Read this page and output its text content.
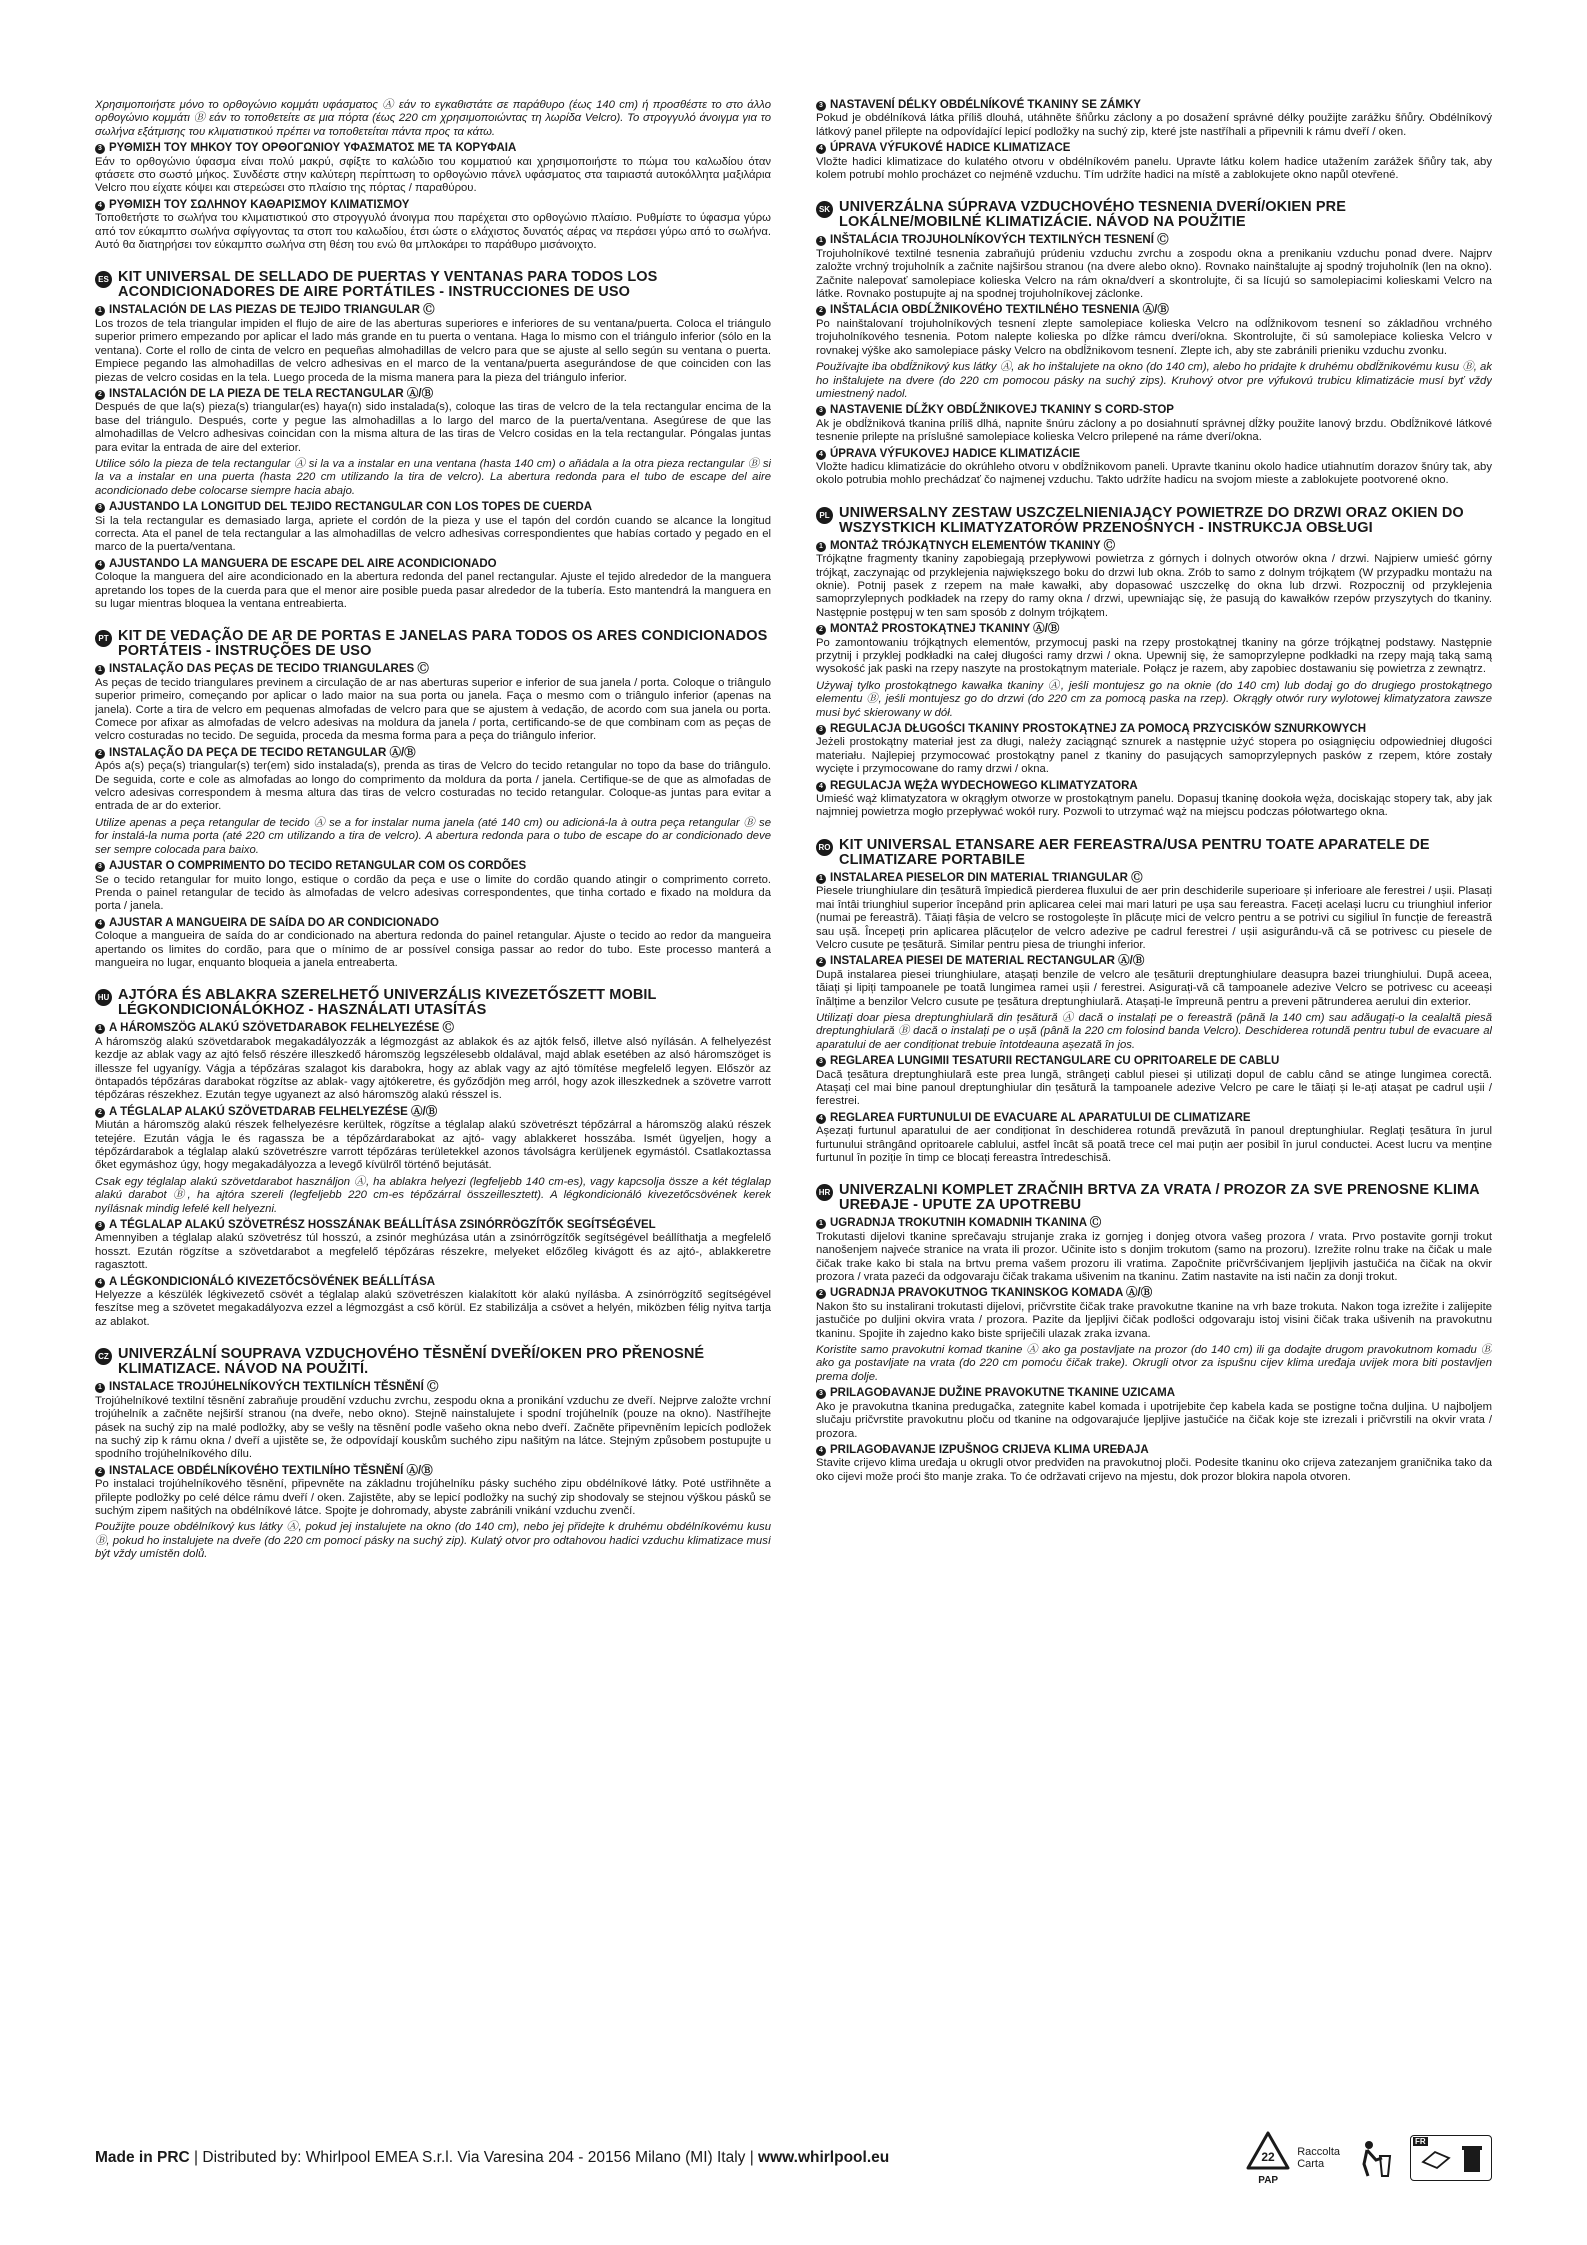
Χρησιμοποιήστε μόνο το ορθογώνιο κομμάτι υφάσματος Ⓐ εάν το εγκαθιστάτε σε παράθυρο (έως 140 cm) ή προσθέστε το στο άλλο ορθογώνιο κομμάτι Ⓑ εάν το τοποθετείτε σε μια πόρτα (έως 220 cm χρησιμοποιώντας τη λωρίδα Velcro). Το στρογγυλό άνοιγμα για το σωλήνα εξάτμισης του κλιματιστικού πρέπει να τοποθετείται πάντα προς τα κάτω.
3 ΡΥΘΜΙΣΗ ΤΟΥ ΜΗΚΟΥ ΤΟΥ ΟΡΘΟΓΩΝΙΟΥ ΥΦΑΣΜΑΤΟΣ ΜΕ ΤΑ ΚΟΡΥΦΑΙΑ
Εάν το ορθογώνιο ύφασμα είναι πολύ μακρύ, σφίξτε το καλώδιο του κομματιού και χρησιμοποιήστε το πώμα του καλωδίου όταν φτάσετε στο σωστό μήκος. Συνδέστε στην καλύτερη περίπτωση το ορθογώνιο πάνελ υφάσματος στα ταιριαστά αυτοκόλλητα μαξιλάρια Velcro που είχατε κόψει και στερεώσει στο πλαίσιο της πόρτας / παραθύρου.
4 ΡΥΘΜΙΣΗ ΤΟΥ ΣΩΛΗΝΟΥ ΚΑΘΑΡΙΣΜΟΥ ΚΛΙΜΑΤΙΣΜΟΥ
Τοποθετήστε το σωλήνα του κλιματιστικού στο στρογγυλό άνοιγμα που παρέχεται στο ορθογώνιο πλαίσιο. Ρυθμίστε το ύφασμα γύρω από τον εύκαμπτο σωλήνα σφίγγοντας τα στοπ του καλωδίου, έτσι ώστε ο ελάχιστος δυνατός αέρας να περάσει γύρω από το σωλήνα. Αυτό θα διατηρήσει τον εύκαμπτο σωλήνα στη θέση του ενώ θα μπλοκάρει το παράθυρο μισάνοιχτο.
ES KIT UNIVERSAL DE SELLADO DE PUERTAS Y VENTANAS PARA TODOS LOS ACONDICIONADORES DE AIRE PORTÁTILES - INSTRUCCIONES DE USO
1 INSTALACIÓN DE LAS PIEZAS DE TEJIDO TRIANGULAR Ⓒ
Los trozos de tela triangular impiden el flujo de aire de las aberturas superiores e inferiores de su ventana/puerta. Coloca el triángulo superior primero empezando por aplicar el lado más grande en tu puerta o ventana. Haga lo mismo con el triángulo inferior (sólo en la ventana). Corte el rollo de cinta de velcro en pequeñas almohadillas de velcro para que se ajuste al sello según su ventana o puerta. Empiece pegando las almohadillas de velcro adhesivas en el marco de la ventana/puerta asegurándose de que coinciden con las piezas de velcro cosidas en la tela. Luego proceda de la misma manera para la pieza del triángulo inferior.
2 INSTALACIÓN DE LA PIEZA DE TELA RECTANGULAR Ⓐ/Ⓑ
Después de que la(s) pieza(s) triangular(es) haya(n) sido instalada(s), coloque las tiras de velcro de la tela rectangular encima de la base del triángulo. Después, corte y pegue las almohadillas a lo largo del marco de la puerta/ventana. Asegúrese de que las almohadillas de Velcro adhesivas coincidan con la misma altura de las tiras de Velcro cosidas en la tela rectangular. Póngalas juntas para evitar la entrada de aire del exterior.
Utilice sólo la pieza de tela rectangular Ⓐ si la va a instalar en una ventana (hasta 140 cm) o añádala a la otra pieza rectangular Ⓑ si la va a instalar en una puerta (hasta 220 cm utilizando la tira de velcro). La abertura redonda para el tubo de escape del aire acondicionado debe colocarse siempre hacia abajo.
3 AJUSTANDO LA LONGITUD DEL TEJIDO RECTANGULAR CON LOS TOPES DE CUERDA
Si la tela rectangular es demasiado larga, apriete el cordón de la pieza y use el tapón del cordón cuando se alcance la longitud correcta. Ata el panel de tela rectangular a las almohadillas de velcro adhesivas correspondientes que habías cortado y pegado en el marco de la puerta/ventana.
4 AJUSTANDO LA MANGUERA DE ESCAPE DEL AIRE ACONDICIONADO
Coloque la manguera del aire acondicionado en la abertura redonda del panel rectangular. Ajuste el tejido alrededor de la manguera apretando los topes de la cuerda para que el menor aire posible pueda pasar alrededor de la tubería. Esto mantendrá la manguera en su lugar mientras bloquea la ventana entreabierta.
PT KIT DE VEDAÇÃO DE AR DE PORTAS E JANELAS PARA TODOS OS ARES CONDICIONADOS PORTÁTEIS - INSTRUÇÕES DE USO
1 INSTALAÇÃO DAS PEÇAS DE TECIDO TRIANGULARES Ⓒ
As peças de tecido triangulares previnem a circulação de ar nas aberturas superior e inferior de sua janela / porta. Coloque o triângulo superior primeiro, começando por aplicar o lado maior na sua porta ou janela. Faça o mesmo com o triângulo inferior (apenas na janela). Corte a tira de velcro em pequenas almofadas de velcro para que se ajustem à vedação, de acordo com sua janela ou porta. Comece por afixar as almofadas de velcro adesivas na moldura da janela / porta, certificando-se de que combinam com as peças de velcro costuradas no tecido. De seguida, proceda da mesma forma para a peça do triângulo inferior.
2 INSTALAÇÃO DA PEÇA DE TECIDO RETANGULAR Ⓐ/Ⓑ
Após a(s) peça(s) triangular(s) ter(em) sido instalada(s), prenda as tiras de Velcro do tecido retangular no topo da base do triângulo. De seguida, corte e cole as almofadas ao longo do comprimento da moldura da porta / janela. Certifique-se de que as almofadas de velcro adesivas correspondem à mesma altura das tiras de velcro costuradas no tecido retangular. Coloque-as juntas para evitar a entrada de ar do exterior.
Utilize apenas a peça retangular de tecido Ⓐ se a for instalar numa janela (até 140 cm) ou adicioná-la à outra peça retangular Ⓑ se for instalá-la numa porta (até 220 cm utilizando a tira de velcro). A abertura redonda para o tubo de escape do ar condicionado deve ser sempre colocada para baixo.
3 AJUSTAR O COMPRIMENTO DO TECIDO RETANGULAR COM OS CORDÕES
Se o tecido retangular for muito longo, estique o cordão da peça e use o limite do cordão quando atingir o comprimento correto. Prenda o painel retangular de tecido às almofadas de velcro adesivas correspondentes, que tinha cortado e fixado na moldura da porta / janela.
4 AJUSTAR A MANGUEIRA DE SAÍDA DO AR CONDICIONADO
Coloque a mangueira de saída do ar condicionado na abertura redonda do painel retangular. Ajuste o tecido ao redor da mangueira apertando os limites do cordão, para que o mínimo de ar possível consiga passar ao redor do tubo. Este processo manterá a mangueira no lugar, enquanto bloqueia a janela entreaberta.
HU AJTÓRA ÉS ABLAKRA SZERELHETŐ UNIVERZÁLIS KIVEZETŐSZETT MOBIL LÉGKONDICIONÁLÓKHOZ - HASZNÁLATI UTASÍTÁS
1 A HÁROMSZÖG ALAKÚ SZÖVETDARABOK FELHELYEZÉSE Ⓒ
A háromszög alakú szövetdarabok megakadályozzák a légmozgást az ablakok és az ajtók felső, illetve alsó nyílásán. A felhelyezést kezdje az ablak vagy az ajtó felső részére illeszkedő háromszög legszélesebb oldalával, majd ablak esetében az alsó háromszöget is illessze fel ugyanígy. Vágja a tépőzáras szalagot kis darabokra, hogy az ablak vagy az ajtó tömítése megfelelő legyen. Először az öntapadós tépőzáras darabokat rögzítse az ablak- vagy ajtókeretre, és győződjön meg arról, hogy azok illeszkednek a szövetre varrott tépőzáras részekhez. Ezután tegye ugyanezt az alsó háromszög alakú résszel is.
2 A TÉGLALAP ALAKÚ SZÖVETDARAB FELHELYEZÉSE Ⓐ/Ⓑ
Miután a háromszög alakú részek felhelyezésre kerültek, rögzítse a téglalap alakú szövetrészt tépőzárral a háromszög alakú részek tetejére. Ezután vágja le és ragassza be a tépőzárdarabokat az ajtó- vagy ablakkeret hosszába. Ismét ügyeljen, hogy a tépőzárdarabok a téglalap alakú szövetrészre varrott tépőzáras területekkel azonos távolságra kerüljenek egymástól. Csatlakoztassa őket egymáshoz úgy, hogy megakadályozza a levegő kívülről történő bejutását.
Csak egy téglalap alakú szövetdarabot használjon Ⓐ, ha ablakra helyezi (legfeljebb 140 cm-es), vagy kapcsolja össze a két téglalap alakú darabot Ⓑ, ha ajtóra szereli (legfeljebb 220 cm-es tépőzárral összeillesztett). A légkondicionáló kivezetőcsövének kerek nyílásnak mindig lefelé kell helyezni.
3 A TÉGLALAP ALAKÚ SZÖVETRÉSZ HOSSZÁNAK BEÁLLÍTÁSA ZSINÓRRÖGZÍTŐK SEGÍTSÉGÉVEL
Amennyiben a téglalap alakú szövetrész túl hosszú, a zsinór meghúzása után a zsinórrögzítők segítségével beállíthatja a megfelelő hosszt. Ezután rögzítse a szövetdarabot a megfelelő tépőzáras részekre, melyeket előzőleg kivágott és az ajtó-, ablakkeretre ragasztott.
4 A LÉGKONDICIONÁLÓ KIVEZETŐCSÖVÉNEK BEÁLLÍTÁSA
Helyezze a készülék légkivezető csövét a téglalap alakú szövetrészen kialakított kör alakú nyílásba. A zsinórrögzítő segítségével feszítse meg a szövetet megakadályozva ezzel a légmozgást a cső körül. Ez stabilizálja a csövet a helyén, miközben félig nyitva tartja az ablakot.
CZ UNIVERZÁLNÍ SOUPRAVA VZDUCHOVÉHO TĚSNĚNÍ DVEŘÍ/OKEN PRO PŘENOSNÉ KLIMATIZACE. NÁVOD NA POUŽITÍ.
1 INSTALACE TROJÚHELNÍKOVÝCH TEXTILNÍCH TĚSNĚNÍ Ⓒ
Trojúhelníkové textilní těsnění zabraňuje proudění vzduchu zvrchu, zespodu okna a pronikání vzduchu ze dveří. Nejprve založte vrchní trojúhelník a začněte nejširší stranou (na dveře, nebo okno). Stejně nainstalujete i spodní trojúhelník (pouze na okno). Nastříhejte pásek na suchý zip na malé podložky, aby se vešly na těsnění podle vašeho okna nebo dveří. Začněte připevněním lepicích podložek na suchý zip k rámu okna / dveří a ujistěte se, že odpovídají kouskům suchého zipu našitým na látce. Stejným způsobem postupujte u spodního trojúhelníkového dílu.
2 INSTALACE OBDÉLNÍKOVÉHO TEXTILNÍHO TĚSNĚNÍ Ⓐ/Ⓑ
Po instalaci trojúhelníkového těsnění, připevněte na základnu trojúhelníku pásky suchého zipu obdélníkové látky. Poté ustřihněte a přilepte podložky po celé délce rámu dveří / oken. Zajistěte, aby se lepicí podložky na suchý zip shodovaly se stejnou výškou pásků se suchým zipem našitých na obdélníkové látce. Spojte je dohromady, abyste zabránili vnikání vzduchu zvenčí.
Použijte pouze obdélníkový kus látky Ⓐ, pokud jej instalujete na okno (do 140 cm), nebo jej přidejte k druhému obdélníkovému kusu Ⓑ, pokud ho instalujete na dveře (do 220 cm pomocí pásky na suchý zip). Kulatý otvor pro odtahovou hadici vzduchu klimatizace musí být vždy umístěn dolů.
3 NASTAVENÍ DÉLKY OBDÉLNÍKOVÉ TKANINY SE ZÁMKY
Pokud je obdélníková látka příliš dlouhá, utáhněte šňůrku záclony a po dosažení správné délky použijte zarážku šňůry. Obdélníkový látkový panel přilepte na odpovídající lepicí podložky na suchý zip, které jste nastříhali a připevnili k rámu dveří / oken.
4 ÚPRAVA VÝFUKOVÉ HADICE KLIMATIZACE
Vložte hadici klimatizace do kulatého otvoru v obdélníkovém panelu. Upravte látku kolem hadice utažením zarážek šňůry tak, aby kolem potrubí mohlo procházet co nejméně vzduchu. Tím udržíte hadici na místě a zablokujete okno napůl otevřené.
SK UNIVERZÁLNA SÚPRAVA VZDUCHOVÉHO TESNENIA DVERÍ/OKIEN PRE LOKÁLNE/MOBILNÉ KLIMATIZÁCIE. NÁVOD NA POUŽITIE
1 INŠTALÁCIA TROJUHOLNÍKOVÝCH TEXTILNÝCH TESNENÍ Ⓒ
Trojuholníkové textilné tesnenia zabraňujú prúdeniu vzduchu zvrchu a zospodu okna a prenikaniu vzduchu ponad dvere. Najprv založte vrchný trojuholník a začnite najširšou stranou (na dvere alebo okno). Rovnako nainštalujte aj spodný trojuholník (len na okno). Začnite nalepovať samolepiace kolieska Velcro na rám okna/dverí a skontrolujte, či sa lícujú so samolepiacimi kolieskami Velcro na látke. Rovnako postupujte aj na spodnej trojuholníkovej záclonke.
2 INŠTALÁCIA OBDĹŽNIKOVÉHO TEXTILNÉHO TESNENIA Ⓐ/Ⓑ
Po nainštalovaní trojuholníkových tesnení zlepte samolepiace kolieska Velcro na odĺžnikovom tesnení so základňou vrchného trojuholníkového tesnenia. Potom nalepte kolieska po dĺžke rámcu dverí/okna. Skontrolujte, či sú samolepiace kolieska Velcro v rovnakej výške ako samolepiace pásky Velcro na obdĺžnikovom tesnení. Zlepte ich, aby ste zabránili prieniku vzduchu zvonku.
Používajte iba obdĺžnikový kus látky Ⓐ, ak ho inštalujete na okno (do 140 cm), alebo ho pridajte k druhému obdĺžnikovému kusu Ⓑ, ak ho inštalujete na dvere (do 220 cm pomocou pásky na suchý zips). Kruhový otvor pre výfukovú trubicu klimatizácie musí byť vždy umiestnený nadol.
3 NASTAVENIE DĹŽKY OBDĹŽNIKOVEJ TKANINY S CORD-STOP
Ak je obdĺžniková tkanina príliš dlhá, napnite šnúru záclony a po dosiahnutí správnej dĺžky použite lanový brzdu. Obdĺžnikové látkové tesnenie prilepte na príslušné samolepiace kolieska Velcro prilepené na ráme dverí/okna.
4 ÚPRAVA VÝFUKOVEJ HADICE KLIMATIZÁCIE
Vložte hadicu klimatizácie do okrúhleho otvoru v obdĺžnikovom paneli. Upravte tkaninu okolo hadice utiahnutím dorazov šnúry tak, aby okolo potrubia mohlo prechádzať čo najmenej vzduchu. Takto udržíte hadicu na svojom mieste a zablokujete pootvorené okno.
PL UNIWERSALNY ZESTAW USZCZELNIENIAJĄCY POWIETRZE DO DRZWI ORAZ OKIEN DO WSZYSTKICH KLIMATYZATORÓW PRZENOŚNYCH - INSTRUKCJA OBSŁUGI
1 MONTAŻ TRÓJKĄTNYCH ELEMENTÓW TKANINY Ⓒ
Trójkątne fragmenty tkaniny zapobiegają przepływowi powietrza z górnych i dolnych otworów okna / drzwi. Najpierw umieść górny trójkąt, zaczynając od przyklejenia największego boku do drzwi lub okna. Zrób to samo z dolnym trójkątem (W przypadku montażu na oknie). Potnij pasek z rzepem na małe kawałki, aby dopasować uszczelkę do okna lub drzwi. Rozpocznij od przyklejenia samoprzylepnych podkładek na rzepy do ramy okna / drzwi, upewniając się, że pasują do kawałków rzepów przyszytych do tkaniny. Następnie postępuj w ten sam sposób z dolnym trójkątem.
2 MONTAŻ PROSTOKĄTNEJ TKANINY Ⓐ/Ⓑ
Po zamontowaniu trójkątnych elementów, przymocuj paski na rzepy prostokątnej tkaniny na górze trójkątnej podstawy. Następnie przytnij i przyklej podkładki na całej długości ramy drzwi / okna. Upewnij się, że samoprzylepne podkładki na rzepy mają taką samą wysokość jak paski na rzepy naszyte na prostokątnym materiale. Połącz je razem, aby zapobiec dostawaniu się powietrza z zewnątrz.
Używaj tylko prostokątnego kawałka tkaniny Ⓐ, jeśli montujesz go na oknie (do 140 cm) lub dodaj go do drugiego prostokątnego elementu Ⓑ, jeśli montujesz go do drzwi (do 220 cm za pomocą paska na rzep). Okrągły otwór rury wylotowej klimatyzatora zawsze musi być skierowany w dół.
3 REGULACJA DŁUGOŚCI TKANINY PROSTOKĄTNEJ ZA POMOCĄ PRZYCISKÓW SZNURKOWYCH
Jeżeli prostokątny materiał jest za długi, należy zaciągnąć sznurek a następnie użyć stopera po osiągnięciu odpowiedniej długości materiału. Najlepiej przymocować prostokątny panel z tkaniny do pasujących samoprzylepnych pasków z rzepem, które zostały wycięte i przymocowane do ramy drzwi / okna.
4 REGULACJA WĘŻA WYDECHOWEGO KLIMATYZATORA
Umieść wąż klimatyzatora w okrągłym otworze w prostokątnym panelu. Dopasuj tkaninę dookoła węża, dociskając stopery tak, aby jak najmniej powietrza mogło przepływać wokół rury. Pozwoli to utrzymać wąż na miejscu podczas półotwartego okna.
RO KIT UNIVERSAL ETANSARE AER FEREASTRA/USA PENTRU TOATE APARATELE DE CLIMATIZARE PORTABILE
1 INSTALAREA PIESELOR DIN MATERIAL TRIANGULAR Ⓒ
Piesele triunghiulare din țesătură împiedică pierderea fluxului de aer prin deschiderile superioare și inferioare ale ferestrei / ușii. Plasați mai întâi triunghiul superior începând prin aplicarea celei mai mari laturi pe ușa sau fereastra. Faceți același lucru cu triunghiul inferior (numai pe fereastră). Tăiați fâșia de velcro se rostogolește în plăcuțe mici de velcro pentru a se potrivi cu sigiliul în funcție de fereastră sau ușă. Începeți prin aplicarea plăcuțelor de velcro adezive pe cadrul ferestrei / ușii asigurându-vă că se potrivesc cu piesele de Velcro cusute pe țesătură. Similar pentru piesa de triunghi inferior.
2 INSTALAREA PIESEI DE MATERIAL RECTANGULAR Ⓐ/Ⓑ
După instalarea piesei triunghiulare, atașați benzile de velcro ale țesăturii dreptunghiulare deasupra bazei triunghiului. După aceea, tăiați și lipiți tampoanele pe toată lungimea ramei ușii / ferestrei. Asigurați-vă că tampoanele adezive Velcro se potrivesc cu aceeași înălțime a benzilor Velcro cusute pe țesătura dreptunghiulară. Atașați-le împreună pentru a preveni pătrunderea aerului din exterior.
Utilizați doar piesa dreptunghiulară din țesătură Ⓐ dacă o instalați pe o fereastră (până la 140 cm) sau adăugați-o la cealaltă piesă dreptunghiulară Ⓑ dacă o instalați pe o ușă (până la 220 cm folosind banda Velcro). Deschiderea rotundă pentru tubul de evacuare al aparatului de aer condiționat trebuie întotdeauna așezată în jos.
3 REGLAREA LUNGIMII TESATURII RECTANGULARE CU OPRITOARELE DE CABLU
Dacă țesătura dreptunghiulară este prea lungă, strângeți cablul piesei și utilizați dopul de cablu când se atinge lungimea corectă. Atașați cel mai bine panoul dreptunghiular din țesătură la tampoanele adezive Velcro pe care le tăiați și le-ați atașat pe cadrul ușii / ferestrei.
4 REGLAREA FURTUNULUI DE EVACUARE AL APARATULUI DE CLIMATIZARE
Așezați furtunul aparatului de aer condiționat în deschiderea rotundă prevăzută în panoul dreptunghiular. Reglați țesătura în jurul furtunului strângând opritoarele cablului, astfel încât să poată trece cel mai puțin aer posibil în jurul conductei. Acest lucru va menține furtunul în poziție în timp ce blocați fereastra întredeschisă.
HR UNIVERZALNI KOMPLET ZRAČNIH BRTVA ZA VRATA / PROZOR ZA SVE PRENOSNE KLIMA UREĐAJE - UPUTE ZA UPOTREBU
1 UGRADNJA TROKUTNIH KOMADNIH TKANINA Ⓒ
Trokutasti dijelovi tkanine sprečavaju strujanje zraka iz gornjeg i donjeg otvora vašeg prozora / vrata. Prvo postavite gornji trokut nanošenjem najveće stranice na vrata ili prozor. Učinite isto s donjim trokutom (samo na prozoru). Izrežite rolnu trake na čičak u male čičak trake kako bi stala na brtvu prema vašem prozoru ili vratima. Započnite pričvršćivanjem ljepljivih jastučića na čičak na okvir prozora / vrata pazeći da odgovaraju čičak trakama ušivenim na tkaninu. Zatim nastavite na isti način za donji trokut.
2 UGRADNJA PRAVOKUTNOG TKANINSKOG KOMADA Ⓐ/Ⓑ
Nakon što su instalirani trokutasti dijelovi, pričvrstite čičak trake pravokutne tkanine na vrh baze trokuta. Nakon toga izrežite i zalijepite jastučiće po duljini okvira vrata / prozora. Pazite da ljepljivi čičak podlošci odgovaraju istoj visini čičak traka ušivenih na pravokutnu tkaninu. Spojite ih zajedno kako biste spriječili ulazak zraka izvana.
Koristite samo pravokutni komad tkanine Ⓐ ako ga postavljate na prozor (do 140 cm) ili ga dodajte drugom pravokutnom komadu Ⓑ ako ga postavljate na vrata (do 220 cm pomoću čičak trake). Okrugli otvor za ispušnu cijev klima uređaja uvijek mora biti postavljen prema dolje.
3 PRILAGOĐAVANJE DUŽINE PRAVOKUTNE TKANINE UZICAMA
Ako je pravokutna tkanina predugačka, zategnite kabel komada i upotrijebite čep kabela kada se postigne točna duljina. U najboljem slučaju pričvrstite pravokutnu ploču od tkanine na odgovarajuće ljepljive jastučiće na čičak koje ste izrezali i pričvrstili na okvir vrata / prozora.
4 PRILAGOĐAVANJE IZPUŠNOG CRIJEVA KLIMA UREĐAJA
Stavite crijevo klima uređaja u okrugli otvor predviđen na pravokutnoj ploči. Podesite tkaninu oko crijeva zatezanjem graničnika tako da oko cijevi može proći što manje zraka. To će održavati crijevo na mjestu, dok prozor blokira napola otvoren.
Made in PRC | Distributed by: Whirlpool EMEA S.r.l. Via Varesina 204 - 20156 Milano (MI) Italy | www.whirlpool.eu	22
PAP
Raccolta
Carta
FR
